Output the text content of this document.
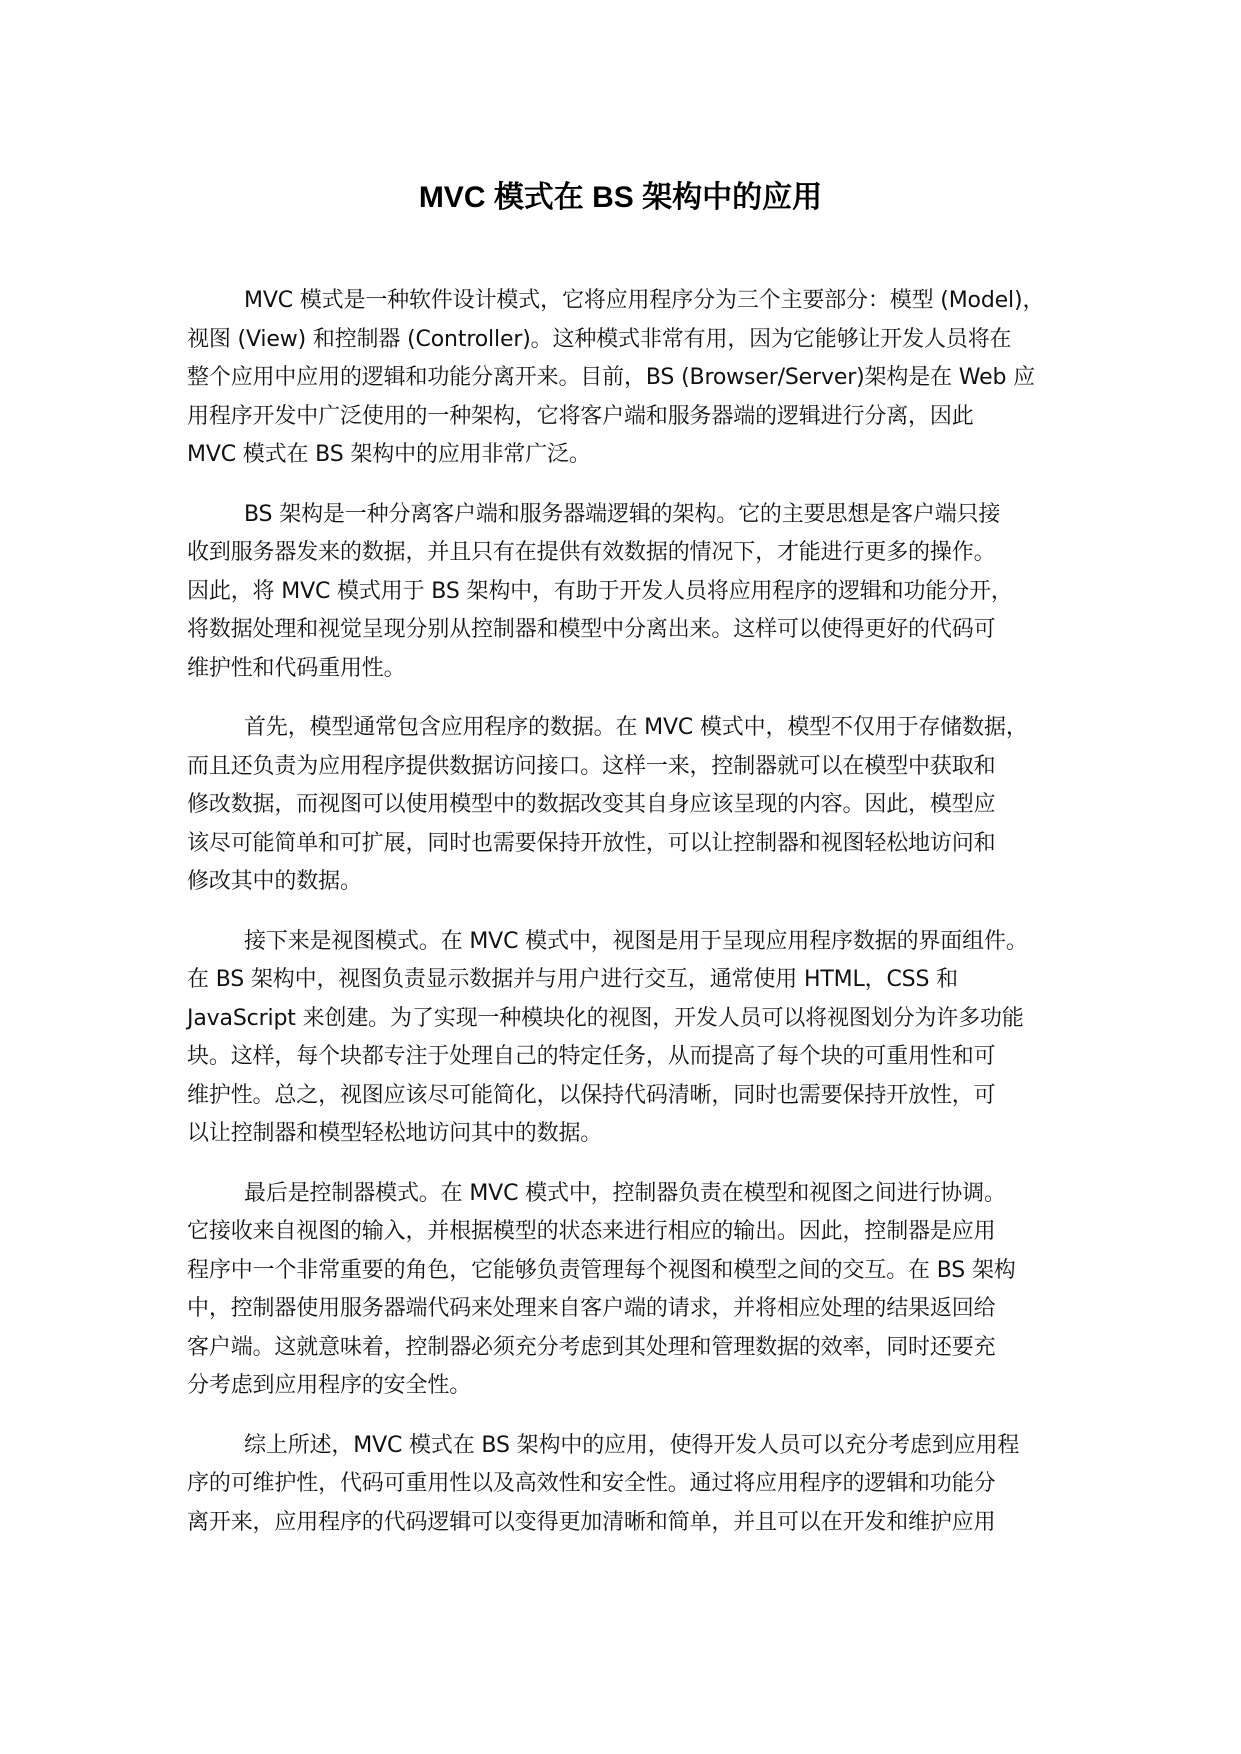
MVC 模式在 BS 架构中的应用

MVC 模式是一种软件设计模式，它将应用程序分为三个主要部分：模型 (Model)，
视图 (View) 和控制器 (Controller)。这种模式非常有用，因为它能够让开发人员将在
整个应用中应用的逻辑和功能分离开来。目前，BS (Browser/Server)架构是在 Web 应
用程序开发中广泛使用的一种架构，它将客户端和服务器端的逻辑进行分离，因此
MVC 模式在 BS 架构中的应用非常广泛。

BS 架构是一种分离客户端和服务器端逻辑的架构。它的主要思想是客户端只接
收到服务器发来的数据，并且只有在提供有效数据的情况下，才能进行更多的操作。
因此，将 MVC 模式用于 BS 架构中，有助于开发人员将应用程序的逻辑和功能分开，
将数据处理和视觉呈现分别从控制器和模型中分离出来。这样可以使得更好的代码可
维护性和代码重用性。

首先，模型通常包含应用程序的数据。在 MVC 模式中，模型不仅用于存储数据，
而且还负责为应用程序提供数据访问接口。这样一来，控制器就可以在模型中获取和
修改数据，而视图可以使用模型中的数据改变其自身应该呈现的内容。因此，模型应
该尽可能简单和可扩展，同时也需要保持开放性，可以让控制器和视图轻松地访问和
修改其中的数据。

接下来是视图模式。在 MVC 模式中，视图是用于呈现应用程序数据的界面组件。
在 BS 架构中，视图负责显示数据并与用户进行交互，通常使用 HTML，CSS 和
JavaScript 来创建。为了实现一种模块化的视图，开发人员可以将视图划分为许多功能
块。这样，每个块都专注于处理自己的特定任务，从而提高了每个块的可重用性和可
维护性。总之，视图应该尽可能简化，以保持代码清晰，同时也需要保持开放性，可
以让控制器和模型轻松地访问其中的数据。

最后是控制器模式。在 MVC 模式中，控制器负责在模型和视图之间进行协调。
它接收来自视图的输入，并根据模型的状态来进行相应的输出。因此，控制器是应用
程序中一个非常重要的角色，它能够负责管理每个视图和模型之间的交互。在 BS 架构
中，控制器使用服务器端代码来处理来自客户端的请求，并将相应处理的结果返回给
客户端。这就意味着，控制器必须充分考虑到其处理和管理数据的效率，同时还要充
分考虑到应用程序的安全性。

综上所述，MVC 模式在 BS 架构中的应用，使得开发人员可以充分考虑到应用程
序的可维护性，代码可重用性以及高效性和安全性。通过将应用程序的逻辑和功能分
离开来，应用程序的代码逻辑可以变得更加清晰和简单，并且可以在开发和维护应用
